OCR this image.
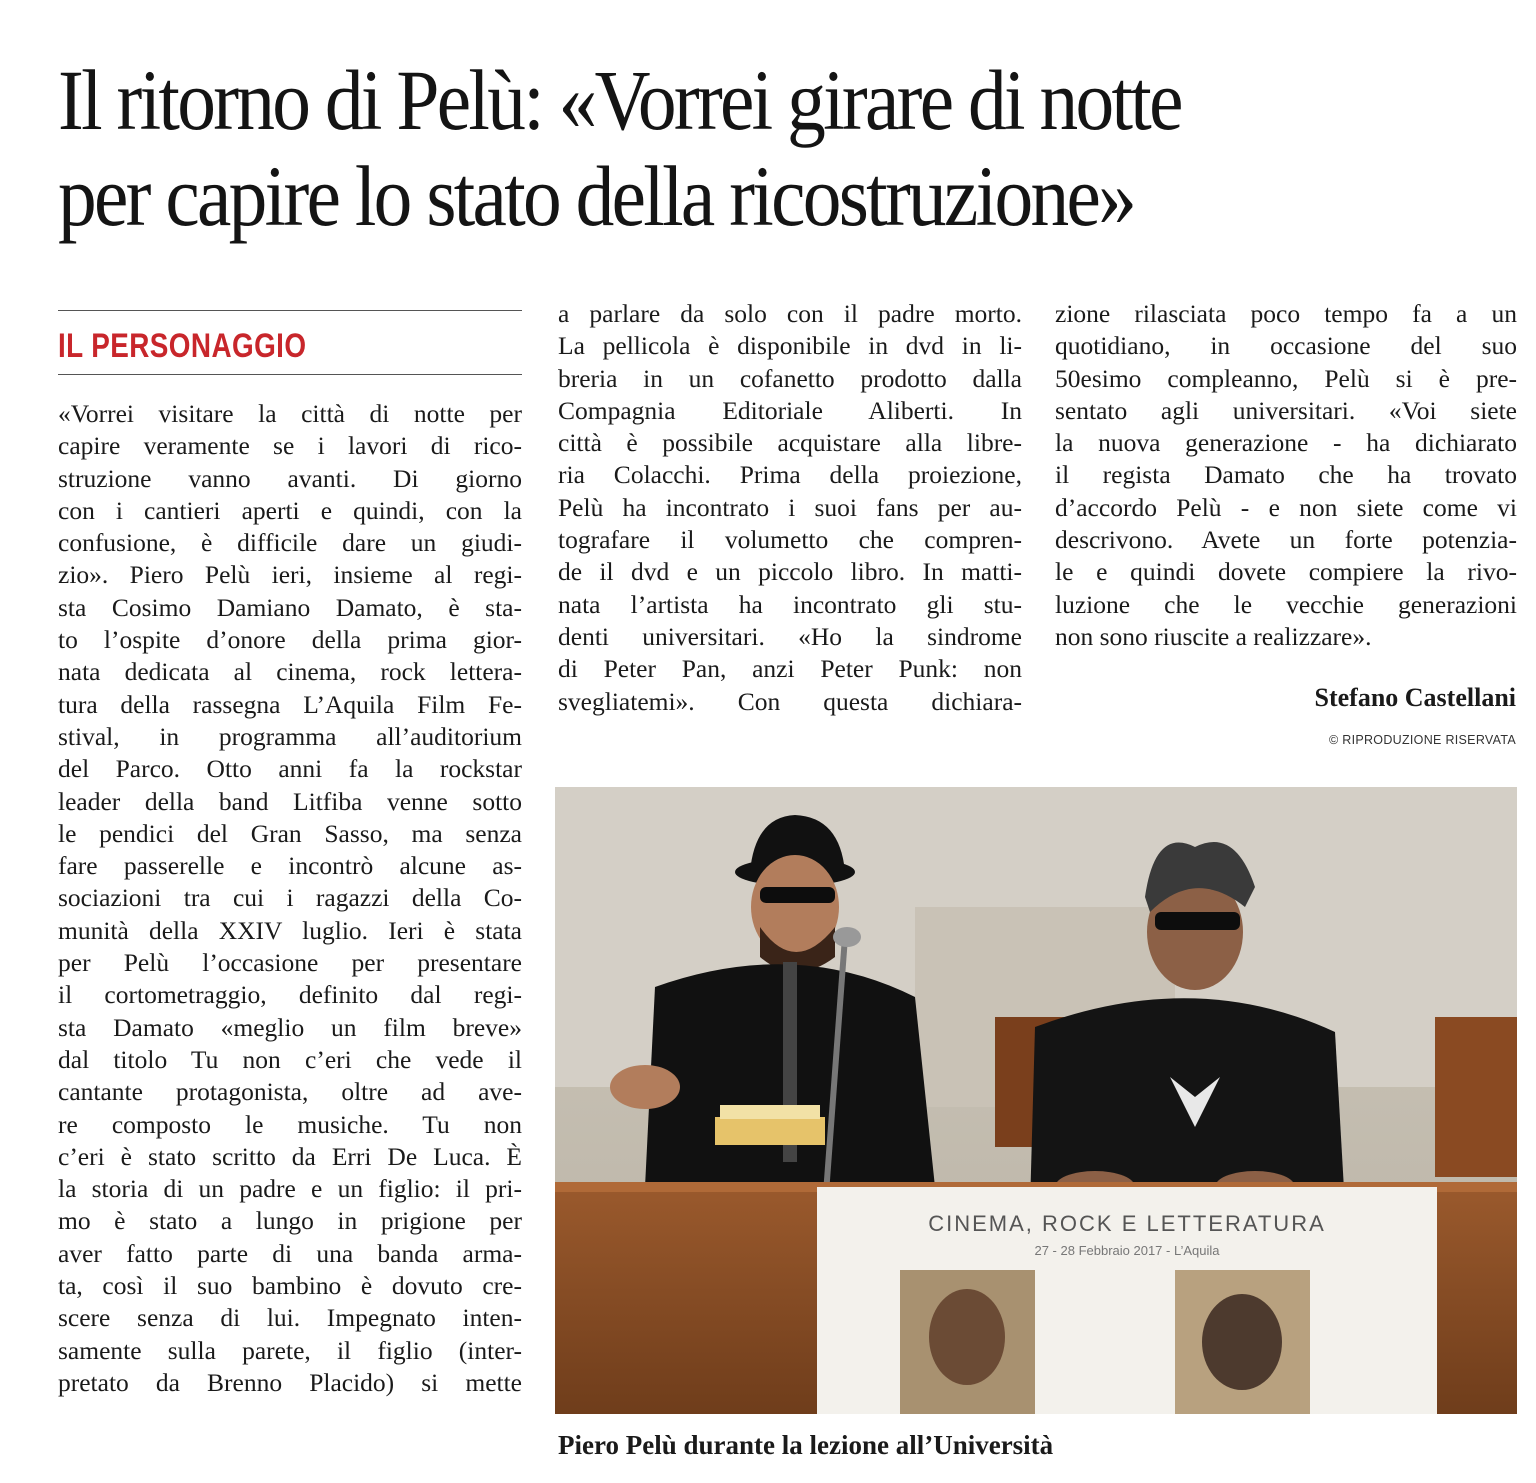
Il ritorno di Pelù: «Vorrei girare di notte
per capire lo stato della ricostruzione»
IL PERSONAGGIO

«Vorrei visitare la città di notte per

capire veramente se i lavori di rico-

struzione vanno avanti. Di giorno

con i cantieri aperti e quindi, con la

confusione, è difficile dare un giudi-

zio». Piero Pelù ieri, insieme al regi-

sta Cosimo Damiano Damato, è sta-

to l’ospite d’onore della prima gior-

nata dedicata al cinema, rock lettera-

tura della rassegna L’Aquila Film Fe-

stival, in programma all’auditorium

del Parco. Otto anni fa la rockstar

leader della band Litfiba venne sotto

le pendici del Gran Sasso, ma senza

fare passerelle e incontrò alcune as-

sociazioni tra cui i ragazzi della Co-

munità della XXIV luglio. Ieri è stata

per Pelù l’occasione per presentare

il cortometraggio, definito dal regi-

sta Damato «meglio un film breve»

dal titolo Tu non c’eri che vede il

cantante protagonista, oltre ad ave-

re composto le musiche. Tu non

c’eri è stato scritto da Erri De Luca. È

la storia di un padre e un figlio: il pri-

mo è stato a lungo in prigione per

aver fatto parte di una banda arma-

ta, così il suo bambino è dovuto cre-

scere senza di lui. Impegnato inten-

samente sulla parete, il figlio (inter-

pretato da Brenno Placido) si mette

a parlare da solo con il padre morto.

La pellicola è disponibile in dvd in li-

breria in un cofanetto prodotto dalla

Compagnia Editoriale Aliberti. In

città è possibile acquistare alla libre-

ria Colacchi. Prima della proiezione,

Pelù ha incontrato i suoi fans per au-

tografare il volumetto che compren-

de il dvd e un piccolo libro. In matti-

nata l’artista ha incontrato gli stu-

denti universitari. «Ho la sindrome

di Peter Pan, anzi Peter Punk: non

svegliatemi». Con questa dichiara-

zione rilasciata poco tempo fa a un

quotidiano, in occasione del suo

50esimo compleanno, Pelù si è pre-

sentato agli universitari. «Voi siete

la nuova generazione - ha dichiarato

il regista Damato che ha trovato

d’accordo Pelù - e non siete come vi

descrivono. Avete un forte potenzia-

le e quindi dovete compiere la rivo-

luzione che le vecchie generazioni

non sono riuscite a realizzare».

Stefano Castellani
© RIPRODUZIONE RISERVATA
CINEMA, ROCK E LETTERATURA
27 - 28 Febbraio 2017 - L’Aquila
Piero Pelù durante la lezione all’Università
